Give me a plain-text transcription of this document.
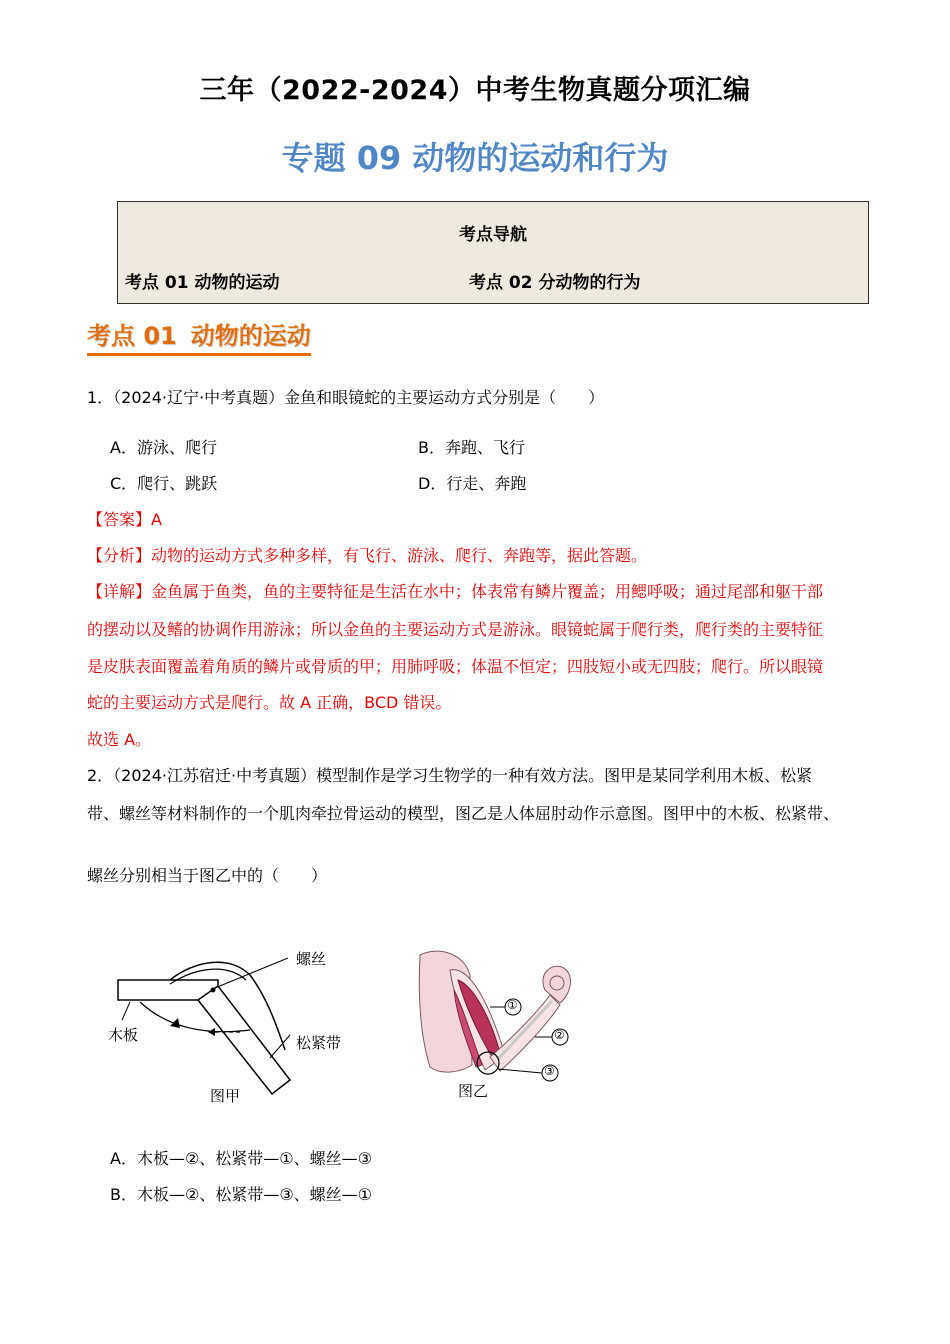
三年（2022-2024）中考生物真题分项汇编
专题 09 动物的运动和行为
考点导航
考点 01 动物的运动	考点 02 分动物的行为
考点 01 动物的运动
1．（2024·辽宁·中考真题）金鱼和眼镜蛇的主要运动方式分别是（　　）
A．游泳、爬行	B．奔跑、飞行
C．爬行、跳跃	D．行走、奔跑
【答案】A
【分析】动物的运动方式多种多样，有飞行、游泳、爬行、奔跑等，据此答题。
【详解】金鱼属于鱼类，鱼的主要特征是生活在水中；体表常有鳞片覆盖；用鳃呼吸；通过尾部和躯干部
的摆动以及鳍的协调作用游泳；所以金鱼的主要运动方式是游泳。眼镜蛇属于爬行类，爬行类的主要特征
是皮肤表面覆盖着角质的鳞片或骨质的甲；用肺呼吸；体温不恒定；四肢短小或无四肢；爬行。所以眼镜
蛇的主要运动方式是爬行。故 A 正确，BCD 错误。
故选 A。
2．（2024·江苏宿迁·中考真题）模型制作是学习生物学的一种有效方法。图甲是某同学利用木板、松紧
带、螺丝等材料制作的一个肌肉牵拉骨运动的模型，图乙是人体屈肘动作示意图。图甲中的木板、松紧带、
螺丝分别相当于图乙中的（　　）
螺丝
木板	松紧带
图甲
①
②
③
图乙
A．木板—②、松紧带—①、螺丝—③
B．木板—②、松紧带—③、螺丝—①
